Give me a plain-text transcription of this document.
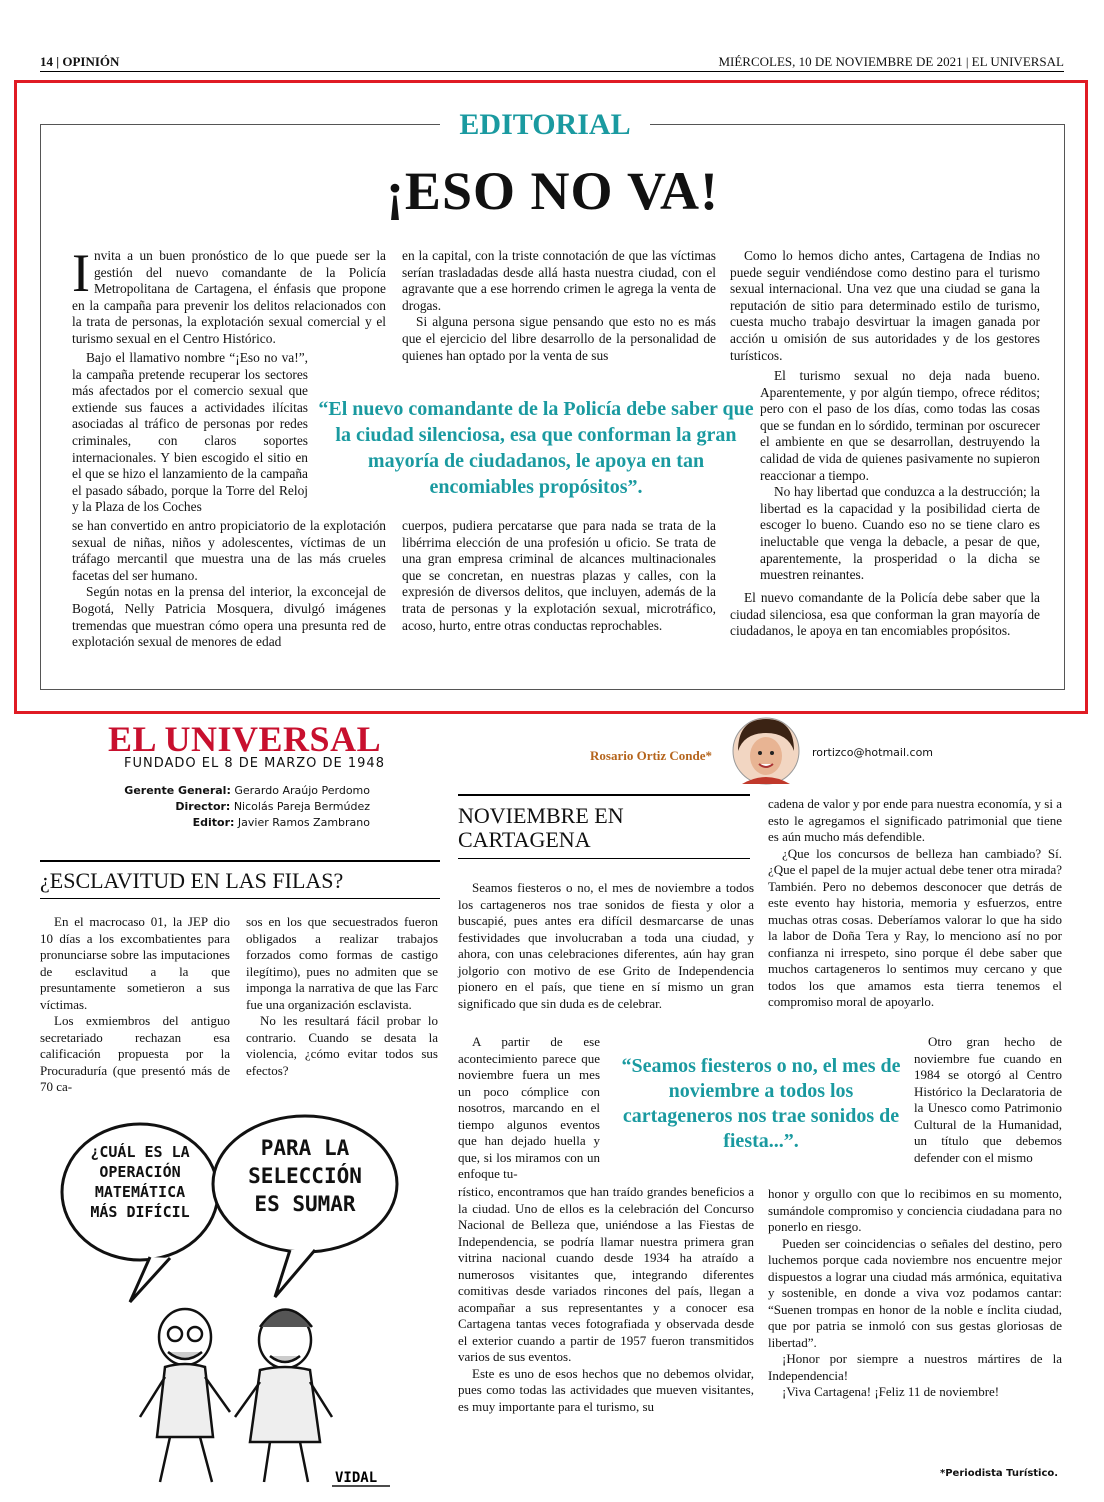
14 | OPINIÓN	MIÉRCOLES, 10 DE NOVIEMBRE DE 2021 | EL UNIVERSAL
EDITORIAL
¡ESO NO VA!

Invita a un buen pronóstico de lo que puede ser la gestión del nuevo comandante de la Policía Metropolitana de Cartagena, el énfasis que propone en la campaña para prevenir los delitos relacionados con la trata de personas, la explotación sexual comercial y el turismo sexual en el Centro Histórico.

Bajo el llamativo nombre “¡Eso no va!”, la campaña pretende recuperar los sectores más afectados por el comercio sexual que extiende sus fauces a actividades ilícitas asociadas al tráfico de personas por redes criminales, con claros soportes internacionales. Y bien escogido el sitio en el que se hizo el lanzamiento de la campaña el pasado sábado, porque la Torre del Reloj y la Plaza de los Coches

se han convertido en antro propiciatorio de la explotación sexual de niñas, niños y adolescentes, víctimas de un tráfago mercantil que muestra una de las más crueles facetas del ser humano.

Según notas en la prensa del interior, la exconcejal de Bogotá, Nelly Patricia Mosquera, divulgó imágenes tremendas que muestran cómo opera una presunta red de explotación sexual de menores de edad

en la capital, con la triste connotación de que las víctimas serían trasladadas desde allá hasta nuestra ciudad, con el agravante que a ese horrendo crimen le agrega la venta de drogas.

Si alguna persona sigue pensando que esto no es más que el ejercicio del libre desarrollo de la personalidad de quienes han optado por la venta de sus

cuerpos, pudiera percatarse que para nada se trata de la libérrima elección de una profesión u oficio. Se trata de una gran empresa criminal de alcances multinacionales que se concretan, en nuestras plazas y calles, con la expresión de diversos delitos, que incluyen, además de la trata de personas y la explotación sexual, microtráfico, acoso, hurto, entre otras conductas reprochables.

Como lo hemos dicho antes, Cartagena de Indias no puede seguir vendiéndose como destino para el turismo sexual internacional. Una vez que una ciudad se gana la reputación de sitio para determinado estilo de turismo, cuesta mucho trabajo desvirtuar la imagen ganada por acción u omisión de sus autoridades y de los gestores turísticos.

El turismo sexual no deja nada bueno. Aparentemente, y por algún tiempo, ofrece réditos; pero con el paso de los días, como todas las cosas que se fundan en lo sórdido, terminan por oscurecer el ambiente en que se desarrollan, destruyendo la calidad de vida de quienes pasivamente no supieron reaccionar a tiempo.

No hay libertad que conduzca a la destrucción; la libertad es la capacidad y la posibilidad cierta de escoger lo bueno. Cuando eso no se tiene claro es ineluctable que venga la debacle, a pesar de que, aparentemente, la prosperidad o la dicha se muestren reinantes.

El nuevo comandante de la Policía debe saber que la ciudad silenciosa, esa que conforman la gran mayoría de ciudadanos, le apoya en tan encomiables propósitos.

“El nuevo comandante de la Policía debe saber que la ciudad silenciosa, esa que conforman la gran mayoría de ciudadanos, le apoya en tan encomiables propósitos”.
EL UNIVERSAL
FUNDADO EL 8 DE MARZO DE 1948
Gerente General: Gerardo Araújo Perdomo
Director: Nicolás Pareja Bermúdez
Editor: Javier Ramos Zambrano
¿ESCLAVITUD EN LAS FILAS?

En el macrocaso 01, la JEP dio 10 días a los excombatientes para pronunciarse sobre las imputaciones de esclavitud a la que presuntamente sometieron a sus víctimas.

Los exmiembros del antiguo secretariado rechazan esa calificación propuesta por la Procuraduría (que presentó más de 70 ca-

sos en los que secuestrados fueron obligados a realizar trabajos forzados como formas de castigo ilegítimo), pues no admiten que se imponga la narrativa de que las Farc fue una organización esclavista.

No les resultará fácil probar lo contrario. Cuando se desata la violencia, ¿cómo evitar todos sus efectos?

¿CUÁL ES LA OPERACIÓN MATEMÁTICA MÁS DIFÍCIL
PARA LA SELECCIÓN ES SUMAR
VIDAL
Rosario Ortiz Conde*	rortizco@hotmail.com
NOVIEMBRE EN CARTAGENA

Seamos fiesteros o no, el mes de noviembre a todos los cartageneros nos trae sonidos de fiesta y olor a buscapié, pues antes era difícil desmarcarse de unas festividades que involucraban a toda una ciudad, y ahora, con unas celebraciones diferentes, aún hay gran jolgorio con motivo de ese Grito de Independencia pionero en el país, que tiene en sí mismo un gran significado que sin duda es de celebrar.

A partir de ese acontecimiento parece que noviembre fuera un mes un poco cómplice con nosotros, marcando en el tiempo algunos eventos que han dejado huella y que, si los miramos con un enfoque tu-

rístico, encontramos que han traído grandes beneficios a la ciudad. Uno de ellos es la celebración del Concurso Nacional de Belleza que, uniéndose a las Fiestas de Independencia, se podría llamar nuestra primera gran vitrina nacional cuando desde 1934 ha atraído a numerosos visitantes que, integrando diferentes comitivas desde variados rincones del país, llegan a acompañar a sus representantes y a conocer esa Cartagena tantas veces fotografiada y observada desde el exterior cuando a partir de 1957 fueron transmitidos varios de sus eventos.

Este es uno de esos hechos que no debemos olvidar, pues como todas las actividades que mueven visitantes, es muy importante para el turismo, su

cadena de valor y por ende para nuestra economía, y si a esto le agregamos el significado patrimonial que tiene es aún mucho más defendible.

¿Que los concursos de belleza han cambiado? Sí. ¿Que el papel de la mujer actual debe tener otra mirada? También. Pero no debemos desconocer que detrás de este evento hay historia, memoria y esfuerzos, entre muchas otras cosas. Deberíamos valorar lo que ha sido la labor de Doña Tera y Ray, lo menciono así no por confianza ni irrespeto, sino porque él debe saber que muchos cartageneros lo sentimos muy cercano y que todos los que amamos esta tierra tenemos el compromiso moral de apoyarlo.

Otro gran hecho de noviembre fue cuando en 1984 se otorgó al Centro Histórico la Declaratoria de la Unesco como Patrimonio Cultural de la Humanidad, un título que debemos defender con el mismo

honor y orgullo con que lo recibimos en su momento, sumándole compromiso y conciencia ciudadana para no ponerlo en riesgo.

Pueden ser coincidencias o señales del destino, pero luchemos porque cada noviembre nos encuentre mejor dispuestos a lograr una ciudad más armónica, equitativa y sostenible, en donde a viva voz podamos cantar: “Suenen trompas en honor de la noble e ínclita ciudad, que por patria se inmoló con sus gestas gloriosas de libertad”.

¡Honor por siempre a nuestros mártires de la Independencia!

¡Viva Cartagena! ¡Feliz 11 de noviembre!

*Periodista Turístico.
“Seamos fiesteros o no, el mes de noviembre a todos los cartageneros nos trae sonidos de fiesta...”.
